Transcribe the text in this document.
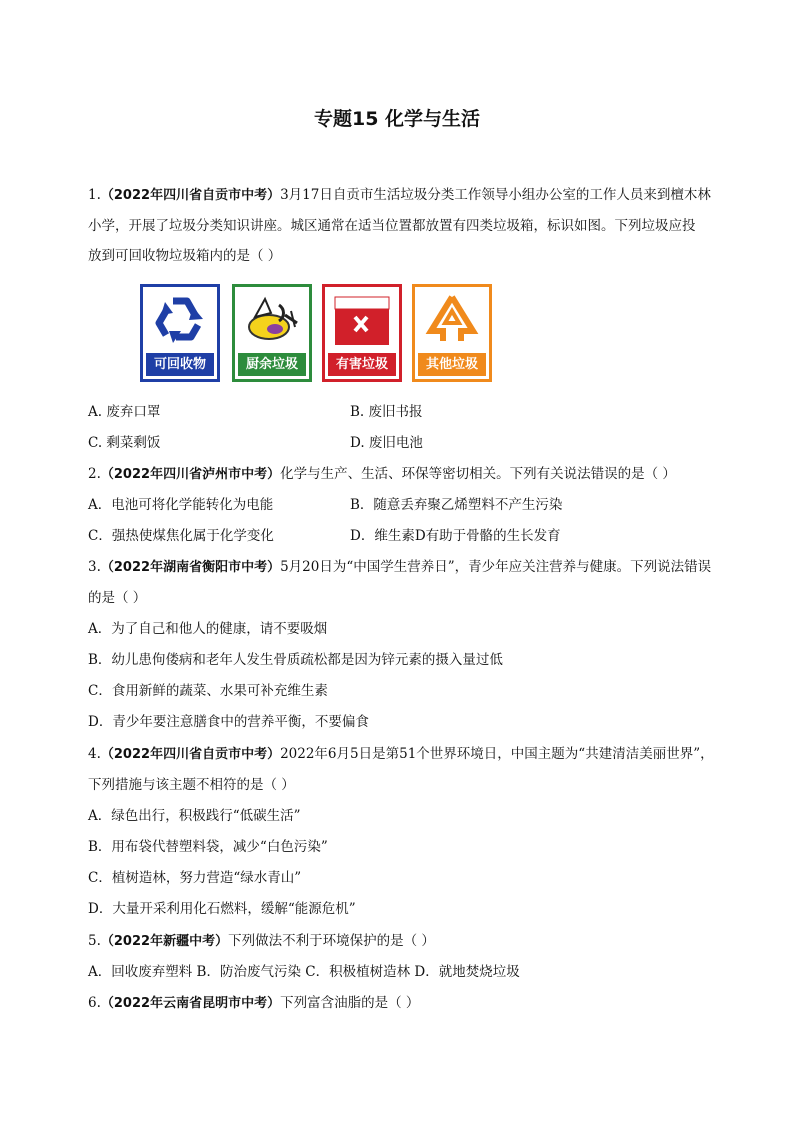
专题15 化学与生活
1.（2022年四川省自贡市中考）3月17日自贡市生活垃圾分类工作领导小组办公室的工作人员来到檀木林
小学，开展了垃圾分类知识讲座。城区通常在适当位置都放置有四类垃圾箱，标识如图。下列垃圾应投
放到可回收物垃圾箱内的是（ ）
可回收物	厨余垃圾	有害垃圾	其他垃圾
A. 废弃口罩	B. 废旧书报
C. 剩菜剩饭	D. 废旧电池
2.（2022年四川省泸州市中考）化学与生产、生活、环保等密切相关。下列有关说法错误的是（ ）
A．电池可将化学能转化为电能	B．随意丢弃聚乙烯塑料不产生污染
C．强热使煤焦化属于化学变化	D．维生素D有助于骨骼的生长发育
3.（2022年湖南省衡阳市中考）5月20日为“中国学生营养日”，青少年应关注营养与健康。下列说法错误
的是（ ）
A．为了自己和他人的健康，请不要吸烟
B．幼儿患佝偻病和老年人发生骨质疏松都是因为锌元素的摄入量过低
C．食用新鲜的蔬菜、水果可补充维生素
D．青少年要注意膳食中的营养平衡，不要偏食
4.（2022年四川省自贡市中考）2022年6月5日是第51个世界环境日，中国主题为“共建清洁美丽世界”，
下列措施与该主题不相符的是（ ）
A．绿色出行，积极践行“低碳生活”
B．用布袋代替塑料袋，减少“白色污染”
C．植树造林，努力营造“绿水青山”
D．大量开采利用化石燃料，缓解“能源危机”
5.（2022年新疆中考）下列做法不利于环境保护的是（ ）
A．回收废弃塑料 B．防治废气污染 C．积极植树造林 D．就地焚烧垃圾
6.（2022年云南省昆明市中考）下列富含油脂的是（ ）
